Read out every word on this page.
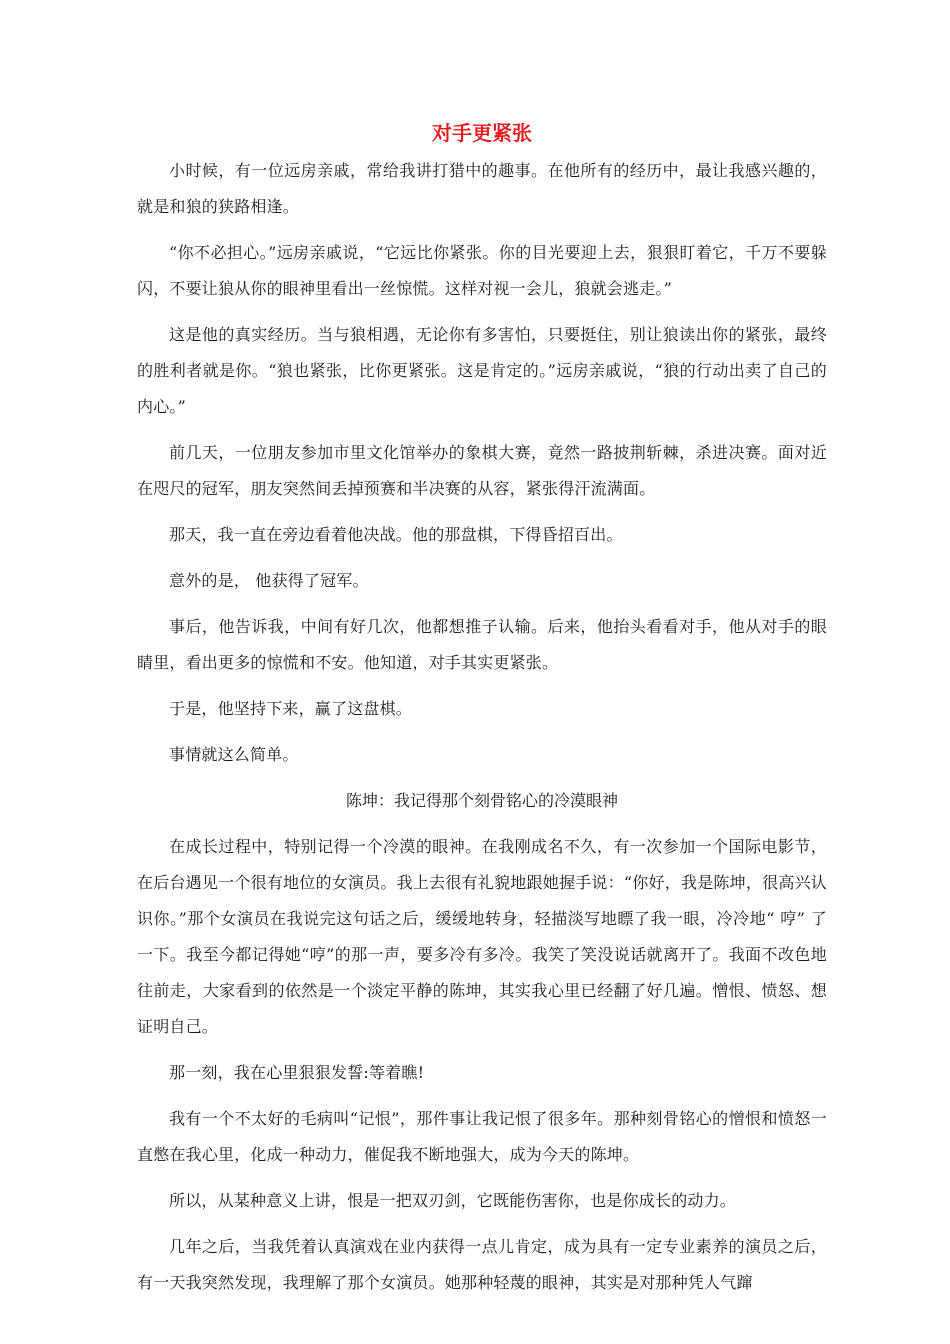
对手更紧张

小时候，有一位远房亲戚，常给我讲打猎中的趣事。在他所有的经历中，最让我感兴趣的，就是和狼的狭路相逢。

“你不必担心。”远房亲戚说，“它远比你紧张。你的目光要迎上去，狠狠盯着它，千万不要躲闪，不要让狼从你的眼神里看出一丝惊慌。这样对视一会儿，狼就会逃走。”

这是他的真实经历。当与狼相遇，无论你有多害怕，只要挺住，别让狼读出你的紧张，最终的胜利者就是你。“狼也紧张，比你更紧张。这是肯定的。”远房亲戚说，“狼的行动出卖了自己的内心。”

前几天，一位朋友参加市里文化馆举办的象棋大赛，竟然一路披荆斩棘，杀进决赛。面对近在咫尺的冠军，朋友突然间丢掉预赛和半决赛的从容，紧张得汗流满面。

那天，我一直在旁边看着他决战。他的那盘棋，下得昏招百出。

意外的是， 他获得了冠军。

事后，他告诉我，中间有好几次，他都想推子认输。后来，他抬头看看对手，他从对手的眼睛里，看出更多的惊慌和不安。他知道，对手其实更紧张。

于是，他坚持下来，赢了这盘棋。

事情就这么简单。

陈坤：我记得那个刻骨铭心的冷漠眼神

在成长过程中，特别记得一个冷漠的眼神。在我刚成名不久，有一次参加一个国际电影节，在后台遇见一个很有地位的女演员。我上去很有礼貌地跟她握手说：“你好，我是陈坤，很高兴认识你。”那个女演员在我说完这句话之后，缓缓地转身，轻描淡写地瞟了我一眼，冷冷地“ 哼” 了一下。我至今都记得她“哼”的那一声，要多冷有多冷。我笑了笑没说话就离开了。我面不改色地往前走，大家看到的依然是一个淡定平静的陈坤，其实我心里已经翻了好几遍。憎恨、愤怒、想证明自己。

那一刻，我在心里狠狠发誓:等着瞧!

我有一个不太好的毛病叫“记恨”，那件事让我记恨了很多年。那种刻骨铭心的憎恨和愤怒一直憋在我心里，化成一种动力，催促我不断地强大，成为今天的陈坤。

所以，从某种意义上讲，恨是一把双刃剑，它既能伤害你，也是你成长的动力。

几年之后，当我凭着认真演戏在业内获得一点儿肯定，成为具有一定专业素养的演员之后，有一天我突然发现，我理解了那个女演员。她那种轻蔑的眼神，其实是对那种凭人气蹿
